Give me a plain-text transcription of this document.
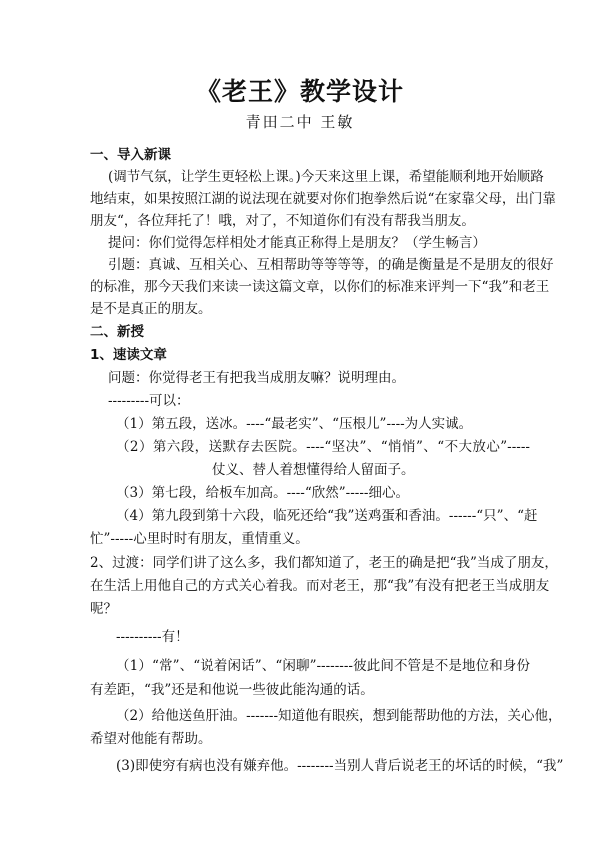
《老王》教学设计
青田二中 王敏
一、导入新课
(调节气氛，让学生更轻松上课。)今天来这里上课，希望能顺利地开始顺路
地结束，如果按照江湖的说法现在就要对你们抱拳然后说“在家靠父母，出门靠
朋友“，各位拜托了！哦，对了，不知道你们有没有帮我当朋友。
提问：你们觉得怎样相处才能真正称得上是朋友？（学生畅言）
引题：真诚、互相关心、互相帮助等等等等，的确是衡量是不是朋友的很好
的标准，那今天我们来读一读这篇文章，以你们的标准来评判一下“我”和老王
是不是真正的朋友。
二、新授
1、速读文章
问题：你觉得老王有把我当成朋友嘛？说明理由。
---------可以：
（1）第五段，送冰。----“最老实”、“压根儿”----为人实诚。
（2）第六段，送默存去医院。----“坚决”、“悄悄”、“不大放心”-----
仗义、替人着想懂得给人留面子。
（3）第七段，给板车加高。----“欣然”-----细心。
（4）第九段到第十六段，临死还给“我”送鸡蛋和香油。------“只”、“赶
忙”-----心里时时有朋友，重情重义。
2、过渡：同学们讲了这么多，我们都知道了，老王的确是把“我”当成了朋友，
在生活上用他自己的方式关心着我。而对老王，那“我”有没有把老王当成朋友
呢？
----------有！
（1）“常”、“说着闲话”、“闲聊”--------彼此间不管是不是地位和身份
有差距，“我”还是和他说一些彼此能沟通的话。
（2）给他送鱼肝油。-------知道他有眼疾，想到能帮助他的方法，关心他，
希望对他能有帮助。
(3)即使穷有病也没有嫌弃他。--------当别人背后说老王的坏话的时候，“我”
